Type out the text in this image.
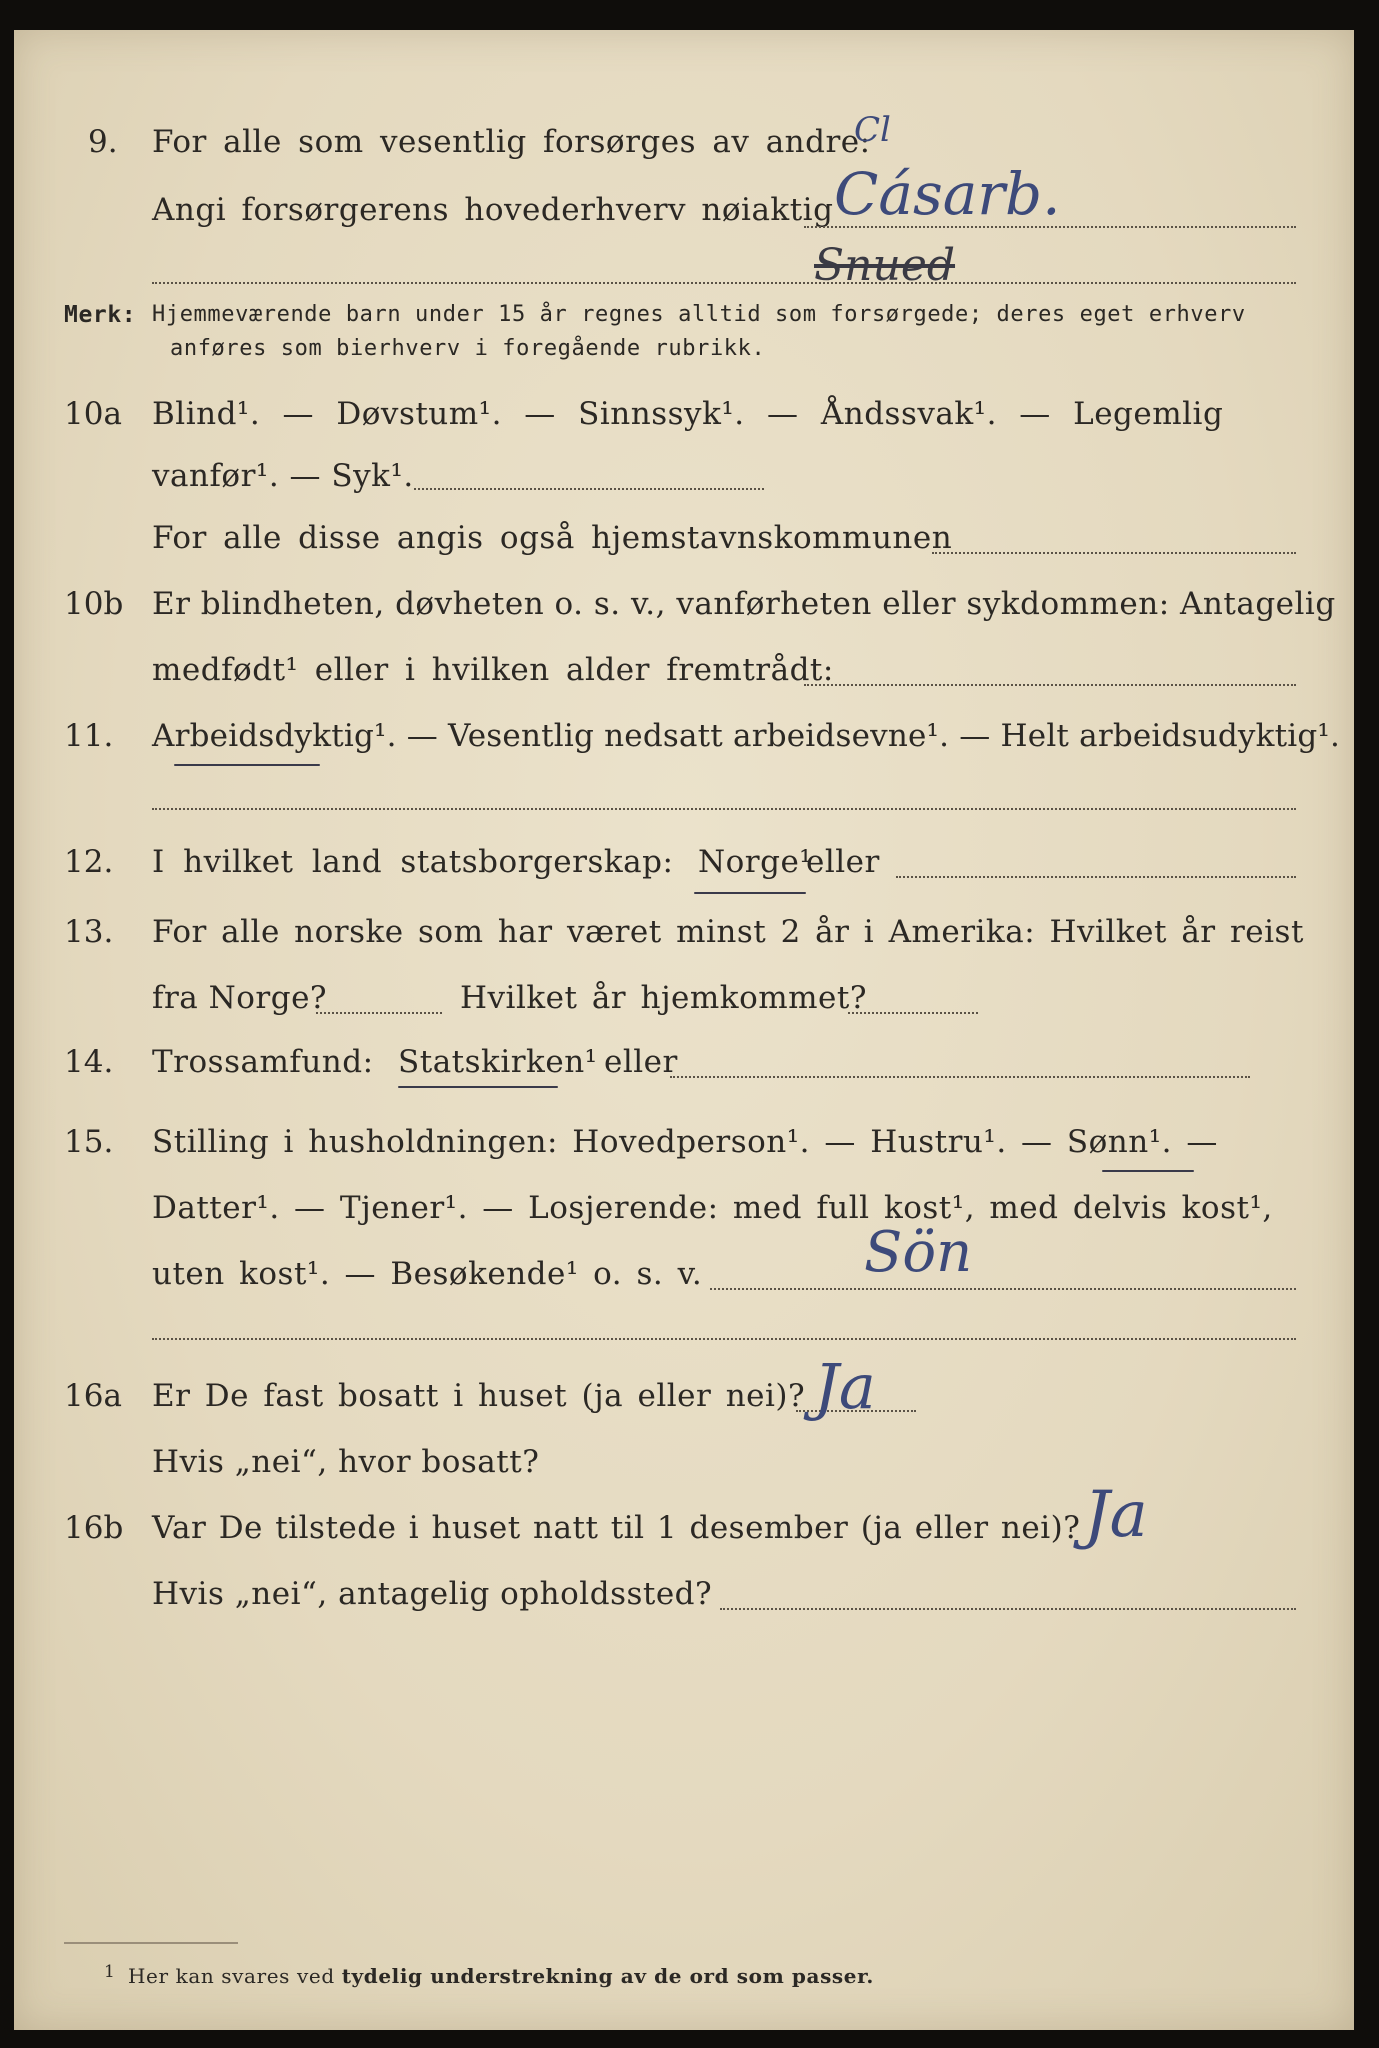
9. For alle som vesentlig forsørges av andre:
Cl
Angi forsørgerens hovederhverv nøiaktig Cásarb.
Snued
Merk: Hjemmeværende barn under 15 år regnes alltid som forsørgede; deres eget erhverv
anføres som bierhverv i foregående rubrikk.
10a Blind¹. — Døvstum¹. — Sinnssyk¹. — Åndssvak¹. — Legemlig
vanfør¹. — Syk¹.
For alle disse angis også hjemstavnskommunen
10b Er blindheten, døvheten o. s. v., vanførheten eller sykdommen: Antagelig
medfødt¹ eller i hvilken alder fremtrådt:
11. Arbeidsdyktig¹. — Vesentlig nedsatt arbeidsevne¹. — Helt arbeidsudyktig¹.
12. I hvilket land statsborgerskap: Norge¹
eller
13. For alle norske som har været minst 2 år i Amerika: Hvilket år reist
fra Norge?	Hvilket år hjemkommet?
14. Trossamfund: Statskirken¹ eller
15. Stilling i husholdningen: Hovedperson¹. — Hustru¹. — Sønn¹. —
Datter¹. — Tjener¹. — Losjerende: med full kost¹, med delvis kost¹,
uten kost¹. — Besøkende¹ o. s. v.	Sön
16a Er De fast bosatt i huset (ja eller nei)? Ja
Hvis „nei“, hvor bosatt?
16b Var De tilstede i huset natt til 1 desember (ja eller nei)? Ja
Hvis „nei“, antagelig opholdssted?
1 Her kan svares ved tydelig understrekning av de ord som passer.
